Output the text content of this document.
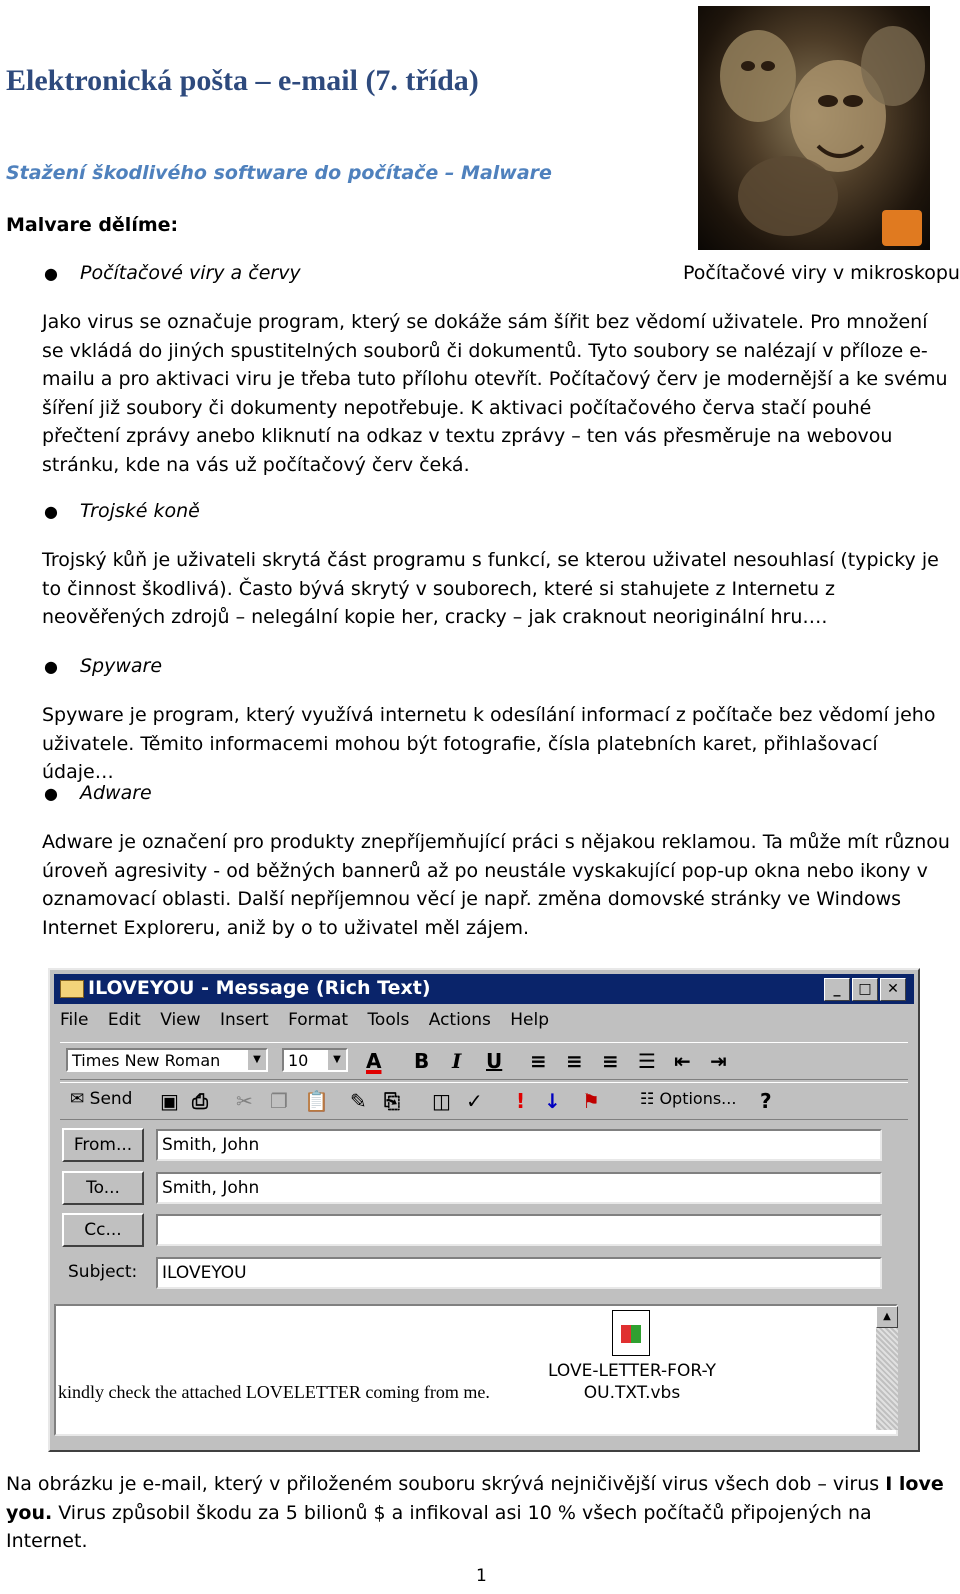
Elektronická pošta – e-mail (7. třída)
Stažení škodlivého software do počítače – Malware
Malvare dělíme:
Počítačové viry v mikroskopu
● Počítačové viry a červy

Jako virus se označuje program, který se dokáže sám šířit bez vědomí uživatele. Pro množení se vkládá do jiných spustitelných souborů či dokumentů. Tyto soubory se nalézají v příloze e-mailu a pro aktivaci viru je třeba tuto přílohu otevřít. Počítačový červ je modernější a ke svému šíření již soubory či dokumenty nepotřebuje. K aktivaci počítačového červa stačí pouhé přečtení zprávy anebo kliknutí na odkaz v textu zprávy – ten vás přesměruje na webovou stránku, kde na vás už počítačový červ čeká.

● Trojské koně

Trojský kůň je uživateli skrytá část programu s funkcí, se kterou uživatel nesouhlasí (typicky je to činnost škodlivá). Často bývá skrytý v souborech, které si stahujete z Internetu z neověřených zdrojů – nelegální kopie her, cracky – jak craknout neoriginální hru….

● Spyware

Spyware je program, který využívá internetu k odesílání informací z počítače bez vědomí jeho uživatele. Těmito informacemi mohou být fotografie, čísla platebních karet, přihlašovací údaje…

● Adware

Adware je označení pro produkty znepříjemňující práci s nějakou reklamou. Ta může mít různou úroveň agresivity - od běžných bannerů až po neustále vyskakující pop-up okna nebo ikony v oznamovací oblasti. Další nepříjemnou věcí je např. změna domovské stránky ve Windows Internet Exploreru, aniž by o to uživatel měl zájem.

ILOVEYOU - Message (Rich Text)	_	□	✕
File Edit View Insert Format Tools Actions Help
Times New Roman	▼	10	▼ A B I U ≡ ≡ ≡ ☰ ⇤ ⇥
✉ Send ▣ ⎙ ✂ ❐ 📋 ✎ ⎘ ◫ ✓ ! ↓ ⚑	☷ Options... ?
From...	Smith, John
To...	Smith, John
Cc...
Subject:	ILOVEYOU
LOVE-LETTER-FOR-Y
OU.TXT.vbs
kindly check the attached LOVELETTER coming from me.
▲

Na obrázku je e-mail, který v přiloženém souboru skrývá nejničivější virus všech dob – virus I love you. Virus způsobil škodu za 5 bilionů $ a infikoval asi 10 % všech počítačů připojených na Internet.

1
